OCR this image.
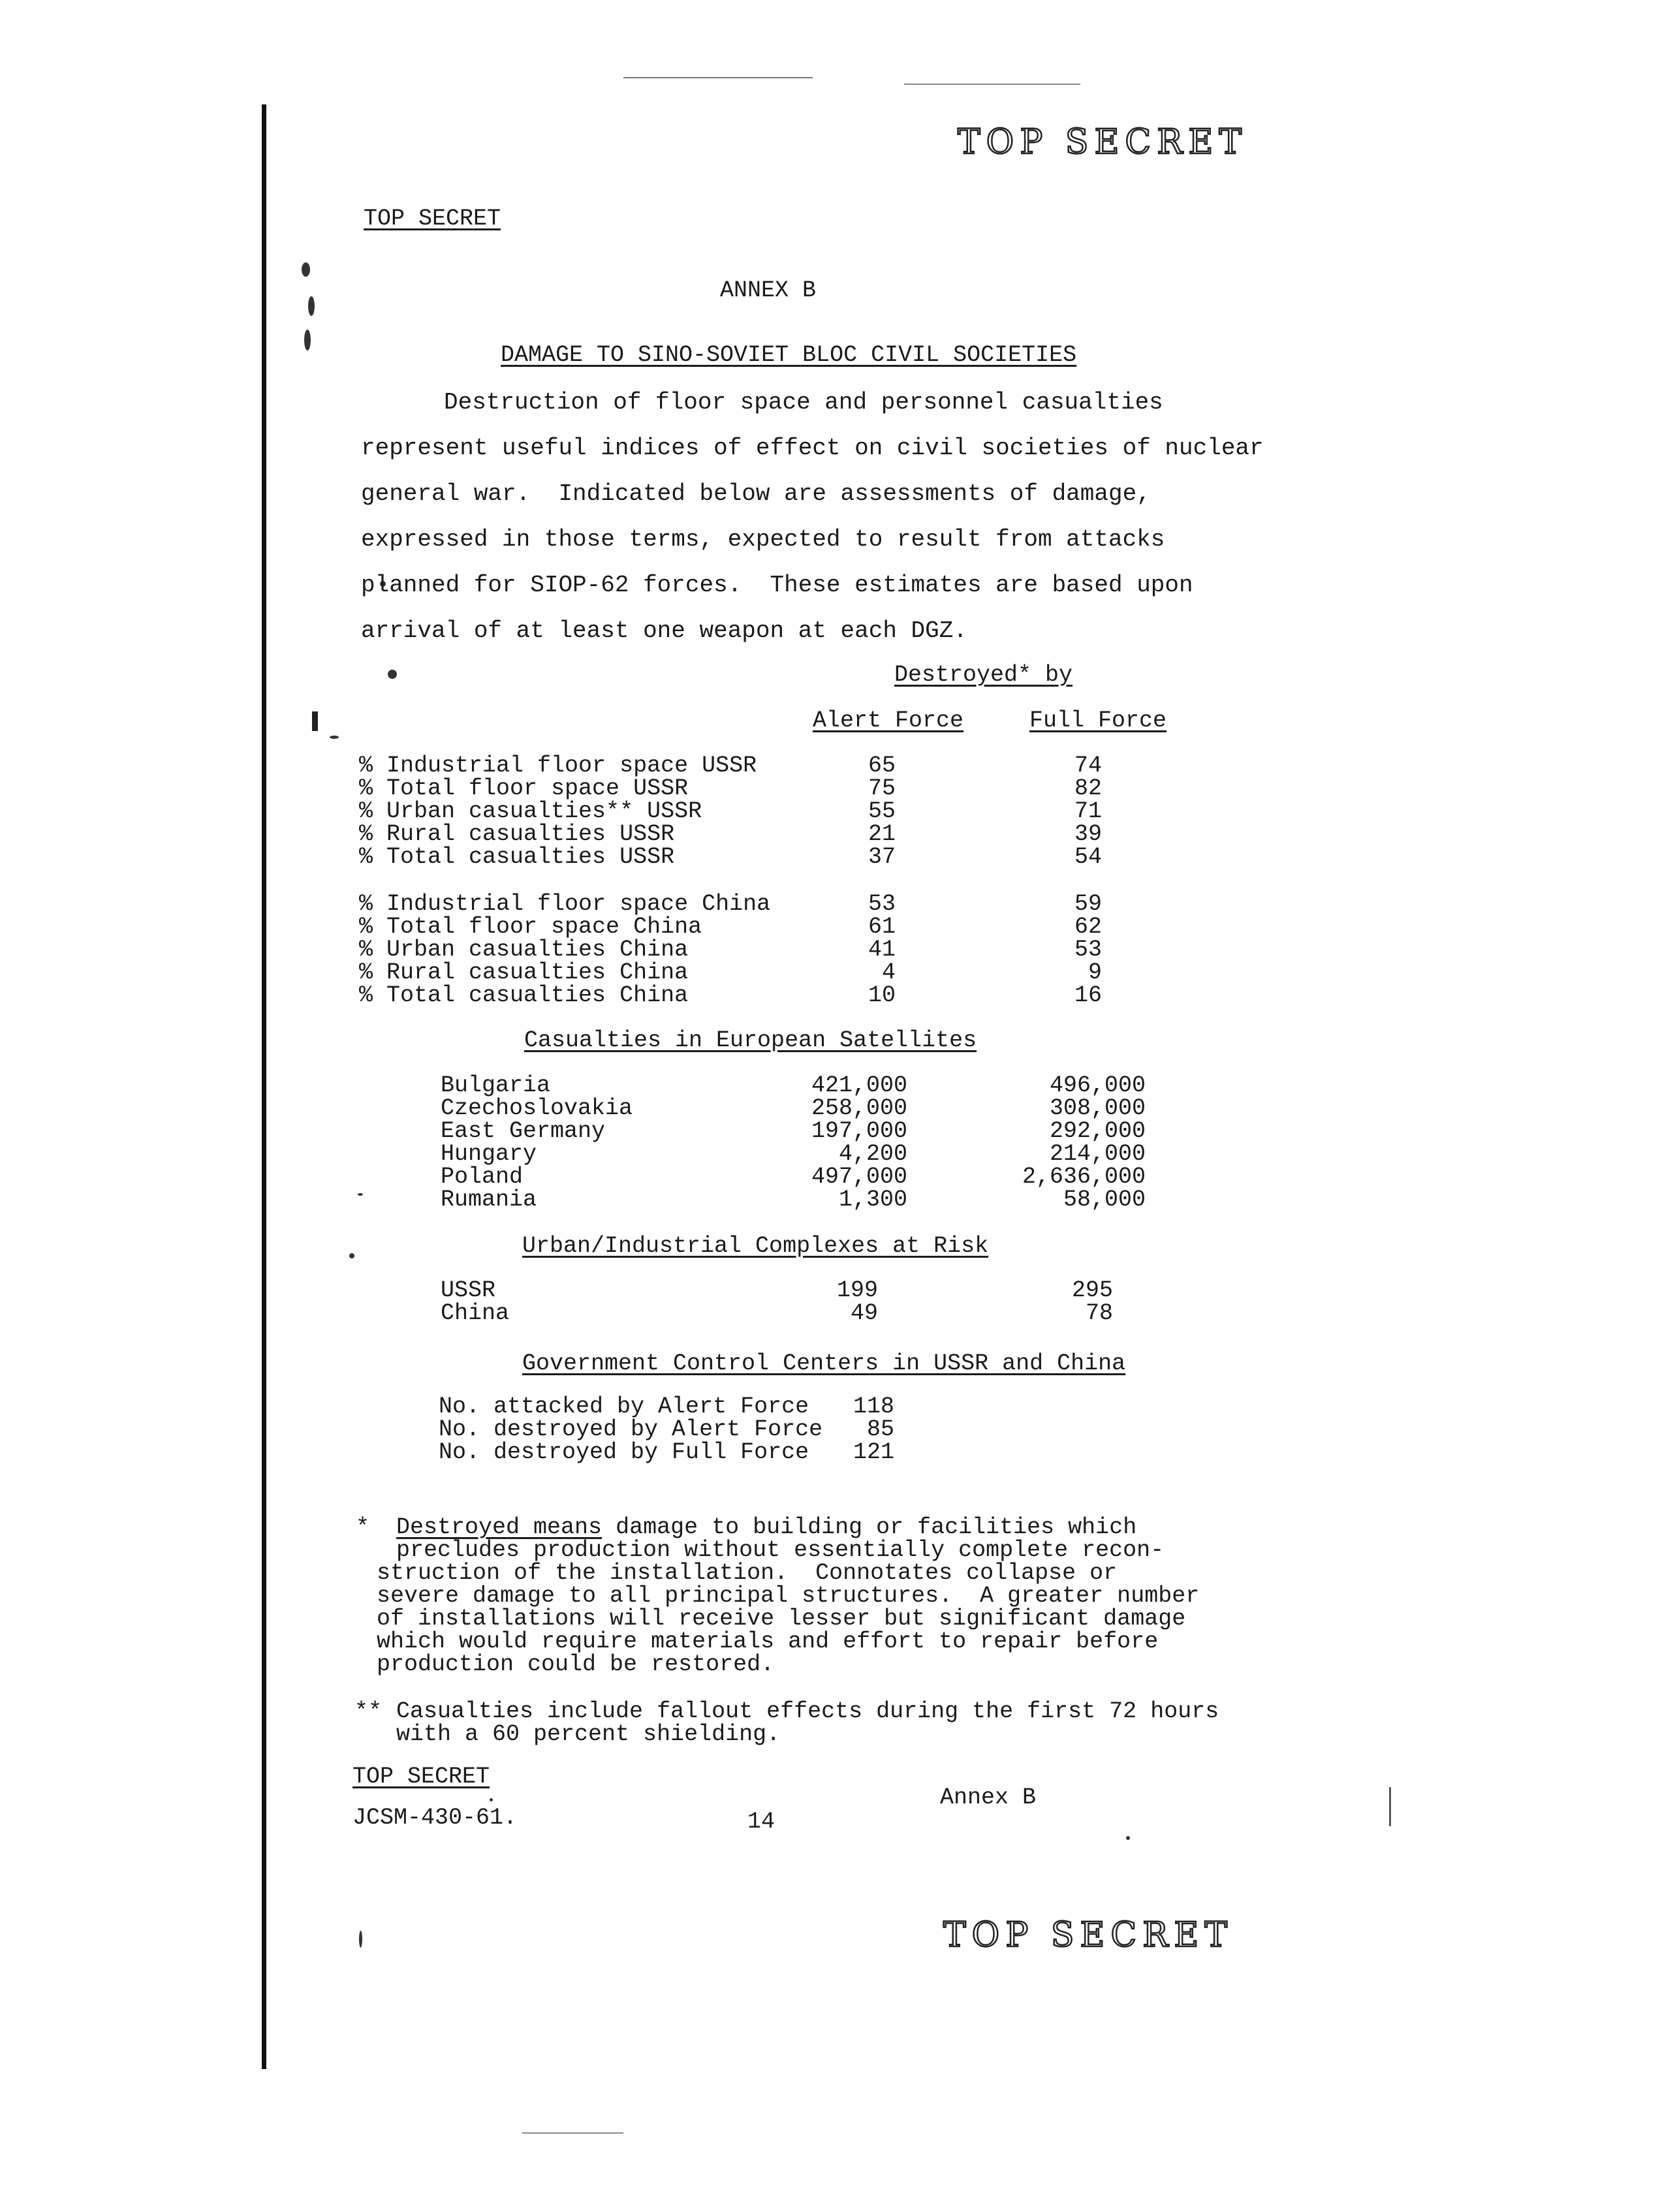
TOP SECRET
TOP SECRET
TOP SECRET
ANNEX B
DAMAGE TO SINO-SOVIET BLOC CIVIL SOCIETIES
Destruction of floor space and personnel casualties
represent useful indices of effect on civil societies of nuclear
general war.  Indicated below are assessments of damage,
expressed in those terms, expected to result from attacks
planned for SIOP-62 forces.  These estimates are based upon
arrival of at least one weapon at each DGZ.
Destroyed* by
Alert Force	Full Force
% Industrial floor space USSR	65	74
% Total floor space USSR	75	82
% Urban casualties** USSR	55	71
% Rural casualties USSR	21	39
% Total casualties USSR	37	54
% Industrial floor space China	53	59
% Total floor space China	61	62
% Urban casualties China	41	53
% Rural casualties China	4	9
% Total casualties China	10	16
Casualties in European Satellites
Bulgaria	421,000	496,000
Czechoslovakia	258,000	308,000
East Germany	197,000	292,000
Hungary	4,200	214,000
Poland	497,000	2,636,000
Rumania	1,300	58,000
Urban/Industrial Complexes at Risk
USSR	199	295
China	49	78
Government Control Centers in USSR and China
No. attacked by Alert Force	118
No. destroyed by Alert Force	85
No. destroyed by Full Force	121
* Destroyed means damage to building or facilities which
precludes production without essentially complete recon-
struction of the installation.  Connotates collapse or
severe damage to all principal structures.  A greater number
of installations will receive lesser but significant damage
which would require materials and effort to repair before
production could be restored.
** Casualties include fallout effects during the first 72 hours
with a 60 percent shielding.
TOP SECRET
Annex B
JCSM-430-61.	14
